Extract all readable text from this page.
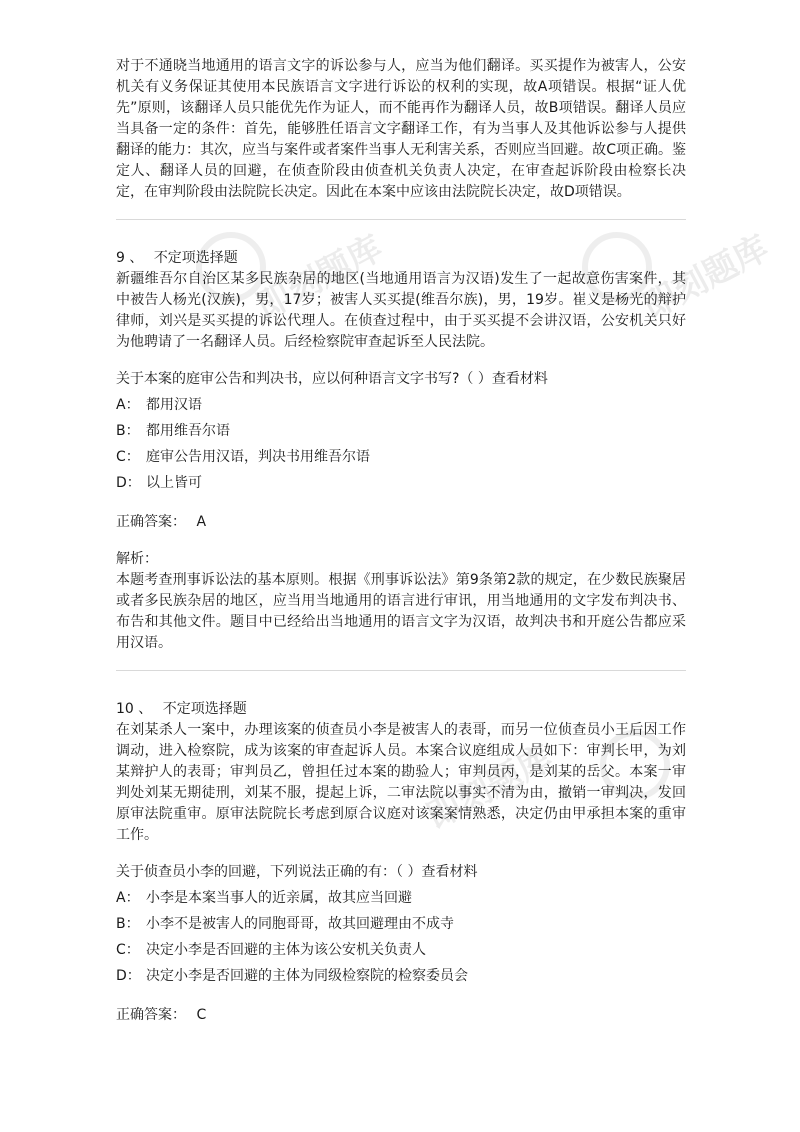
即刻题库	即刻题库
即刻题库

对于不通晓当地通用的语言文字的诉讼参与人，应当为他们翻译。买买提作为被害人，公安机关有义务保证其使用本民族语言文字进行诉讼的权利的实现，故A项错误。根据“证人优先”原则，该翻译人员只能优先作为证人，而不能再作为翻译人员，故B项错误。翻译人员应当具备一定的条件：首先，能够胜任语言文字翻译工作，有为当事人及其他诉讼参与人提供翻译的能力：其次，应当与案件或者案件当事人无利害关系，否则应当回避。故C项正确。鉴定人、翻译人员的回避，在侦查阶段由侦查机关负责人决定，在审查起诉阶段由检察长决定，在审判阶段由法院院长决定。因此在本案中应该由法院院长决定，故D项错误。

9 、 不定项选择题

新疆维吾尔自治区某多民族杂居的地区(当地通用语言为汉语)发生了一起故意伤害案件，其中被告人杨光(汉族)，男，17岁；被害人买买提(维吾尔族)，男，19岁。崔义是杨光的辩护律师，刘兴是买买提的诉讼代理人。在侦查过程中，由于买买提不会讲汉语，公安机关只好为他聘请了一名翻译人员。后经检察院审查起诉至人民法院。

关于本案的庭审公告和判决书，应以何种语言文字书写?（ ）查看材料

A： 都用汉语
B： 都用维吾尔语
C： 庭审公告用汉语，判决书用维吾尔语
D： 以上皆可
正确答案： A
解析：

本题考查刑事诉讼法的基本原则。根据《刑事诉讼法》第9条第2款的规定，在少数民族聚居或者多民族杂居的地区，应当用当地通用的语言进行审讯，用当地通用的文字发布判决书、布告和其他文件。题目中已经给出当地通用的语言文字为汉语，故判决书和开庭公告都应采用汉语。

10 、 不定项选择题

在刘某杀人一案中，办理该案的侦查员小李是被害人的表哥，而另一位侦查员小王后因工作调动，进入检察院，成为该案的审查起诉人员。本案合议庭组成人员如下：审判长甲，为刘某辩护人的表哥；审判员乙，曾担任过本案的勘验人；审判员丙，是刘某的岳父。本案一审判处刘某无期徒刑，刘某不服，提起上诉，二审法院以事实不清为由，撤销一审判决，发回原审法院重审。原审法院院长考虑到原合议庭对该案案情熟悉，决定仍由甲承担本案的重审工作。

关于侦查员小李的回避，下列说法正确的有：（ ）查看材料

A： 小李是本案当事人的近亲属，故其应当回避
B： 小李不是被害人的同胞哥哥，故其回避理由不成寺
C： 决定小李是否回避的主体为该公安机关负责人
D： 决定小李是否回避的主体为同级检察院的检察委员会
正确答案： C
